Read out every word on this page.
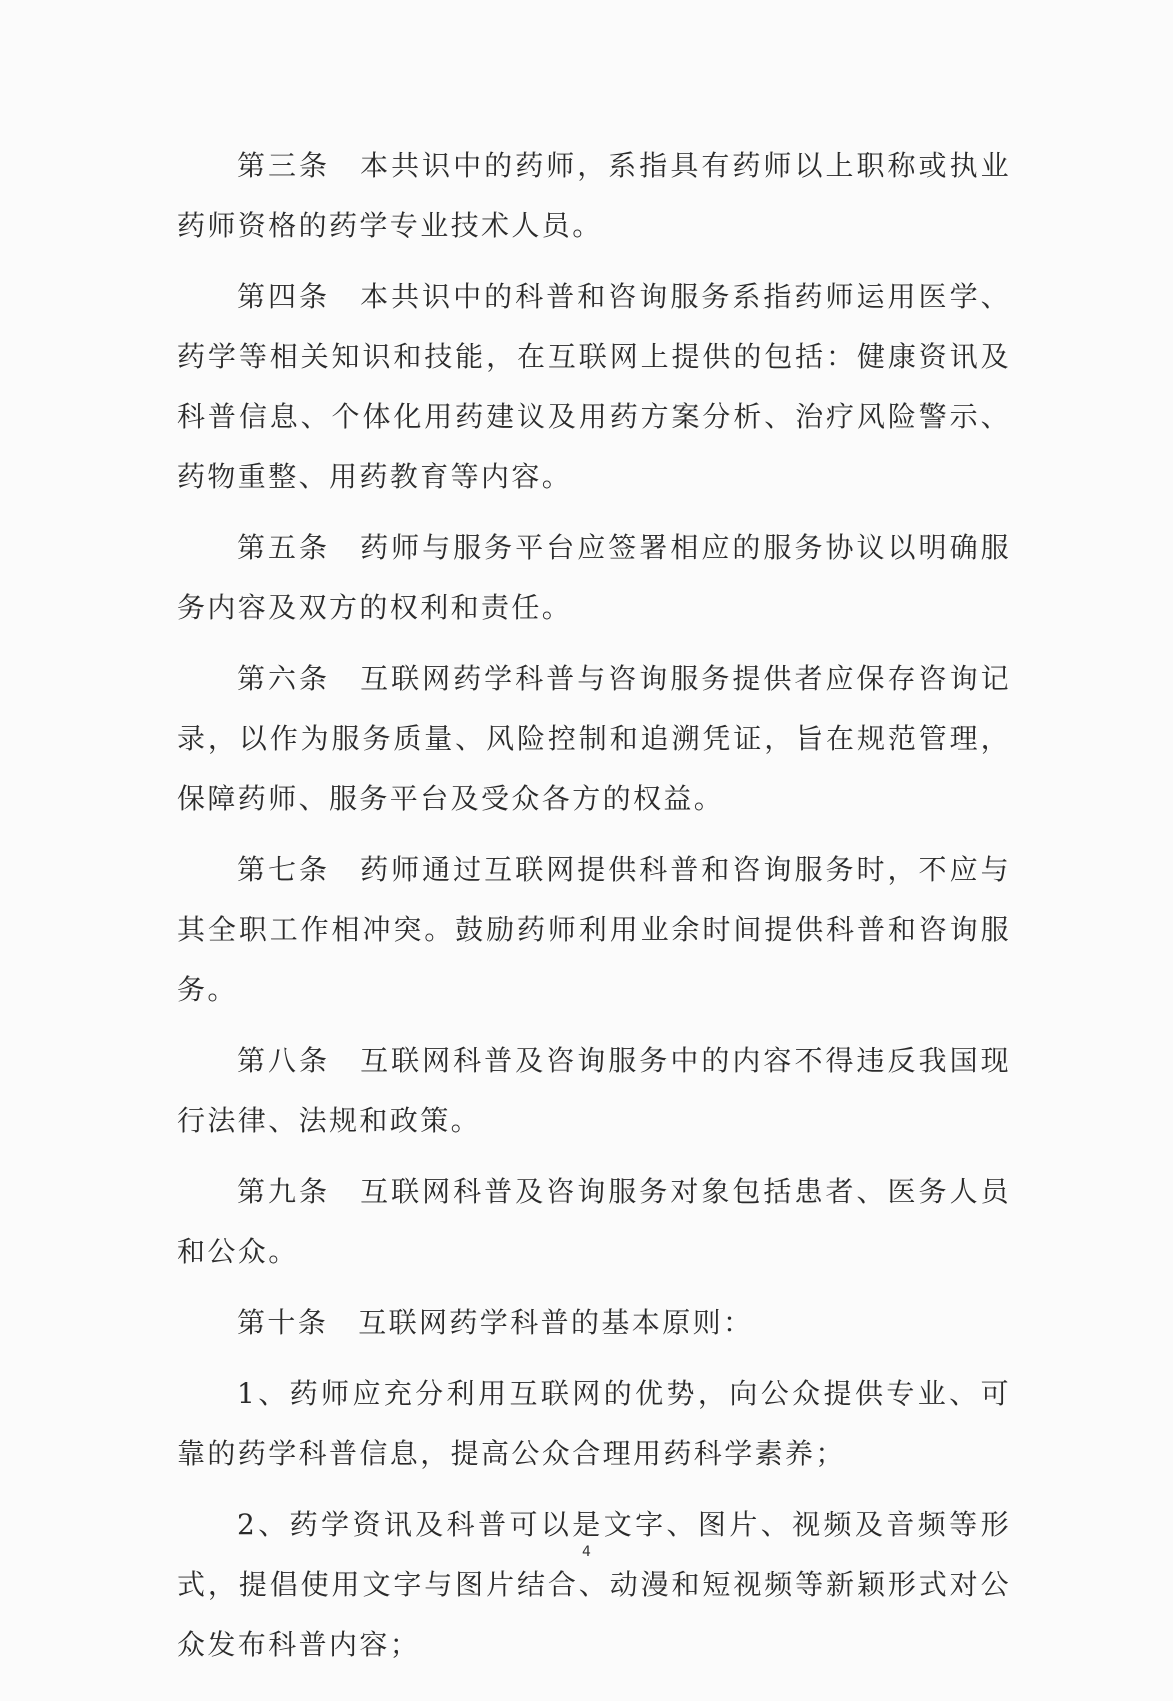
第三条 本共识中的药师，系指具有药师以上职称或执业药师资格的药学专业技术人员。

第四条 本共识中的科普和咨询服务系指药师运用医学、药学等相关知识和技能，在互联网上提供的包括：健康资讯及科普信息、个体化用药建议及用药方案分析、治疗风险警示、药物重整、用药教育等内容。

第五条 药师与服务平台应签署相应的服务协议以明确服务内容及双方的权利和责任。

第六条 互联网药学科普与咨询服务提供者应保存咨询记录，以作为服务质量、风险控制和追溯凭证，旨在规范管理，保障药师、服务平台及受众各方的权益。

第七条 药师通过互联网提供科普和咨询服务时，不应与其全职工作相冲突。鼓励药师利用业余时间提供科普和咨询服务。

第八条 互联网科普及咨询服务中的内容不得违反我国现行法律、法规和政策。

第九条 互联网科普及咨询服务对象包括患者、医务人员和公众。

第十条 互联网药学科普的基本原则：

1、药师应充分利用互联网的优势，向公众提供专业、可靠的药学科普信息，提高公众合理用药科学素养；

2、药学资讯及科普可以是文字、图片、视频及音频等形式，提倡使用文字与图片结合、动漫和短视频等新颖形式对公众发布科普内容；

4
